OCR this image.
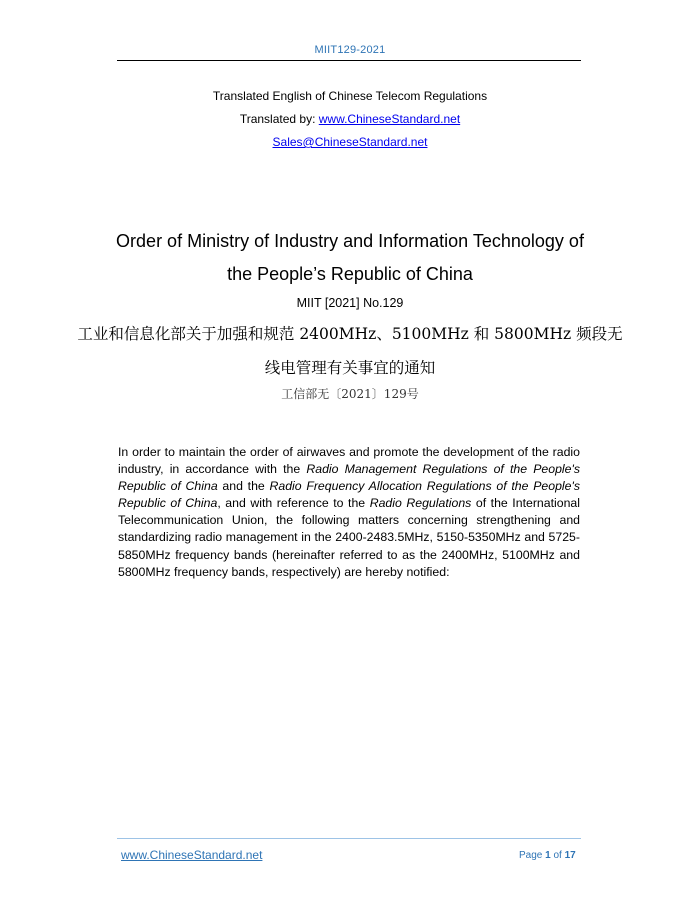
MIIT129-2021
Translated English of Chinese Telecom Regulations
Translated by: www.ChineseStandard.net
Sales@ChineseStandard.net
Order of Ministry of Industry and Information Technology of
the People’s Republic of China
MIIT [2021] No.129
工业和信息化部关于加强和规范 2400MHz、5100MHz 和 5800MHz 频段无
线电管理有关事宜的通知
工信部无〔2021〕129号
In order to maintain the order of airwaves and promote the development of the radio industry, in accordance with the Radio Management Regulations of the People's Republic of China and the Radio Frequency Allocation Regulations of the People's Republic of China, and with reference to the Radio Regulations of the International Telecommunication Union, the following matters concerning strengthening and standardizing radio management in the 2400-2483.5MHz, 5150-5350MHz and 5725-5850MHz frequency bands (hereinafter referred to as the 2400MHz, 5100MHz and 5800MHz frequency bands, respectively) are hereby notified:
www.ChineseStandard.net	Page 1 of 17
